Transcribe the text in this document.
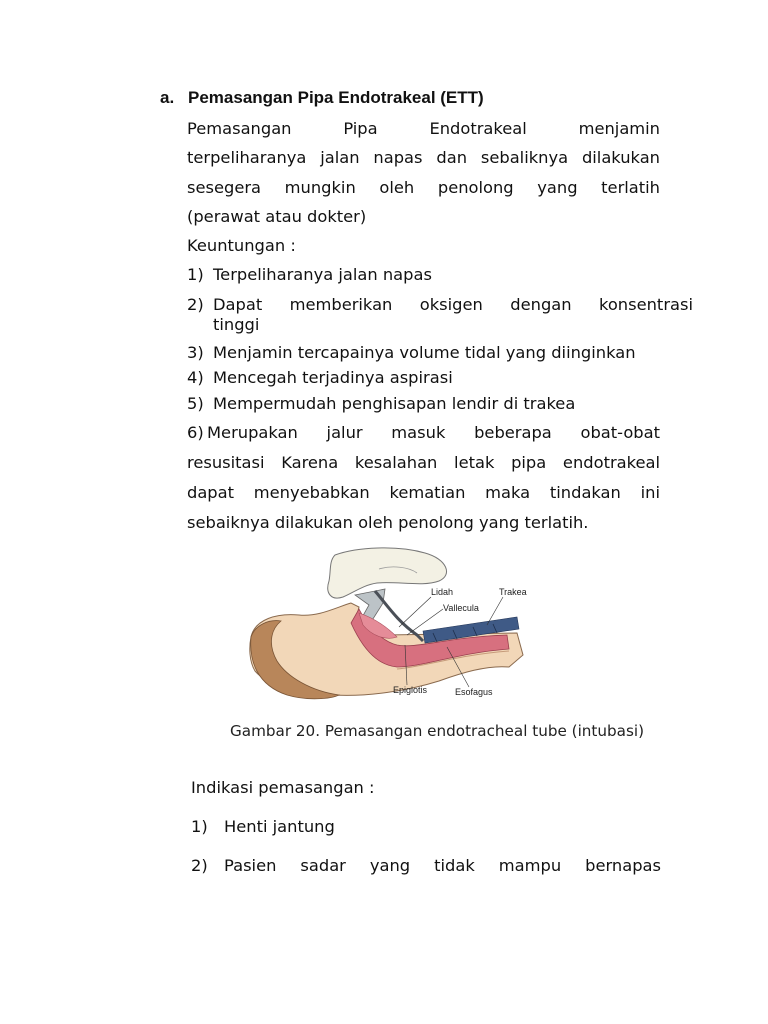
a. Pemasangan Pipa Endotrakeal (ETT)
Pemasangan Pipa Endotrakeal menjamin
terpeliharanya jalan napas dan sebaliknya dilakukan
sesegera mungkin oleh penolong yang terlatih
(perawat atau dokter)
Keuntungan :
1) Terpeliharanya jalan napas
2) Dapat memberikan oksigen dengan konsentrasi
tinggi
3) Menjamin tercapainya volume tidal yang diinginkan
4) Mencegah terjadinya aspirasi
5) Mempermudah penghisapan lendir di trakea
6) Merupakan jalur masuk beberapa obat-obat
resusitasi Karena kesalahan letak pipa endotrakeal
dapat menyebabkan kematian maka tindakan ini
sebaiknya dilakukan oleh penolong yang terlatih.
Lidah	Trakea
Vallecula
Epiglotis	Esofagus
Gambar 20. Pemasangan endotracheal tube (intubasi)
Indikasi pemasangan :
1) Henti jantung
2) Pasien sadar yang tidak mampu bernapas
